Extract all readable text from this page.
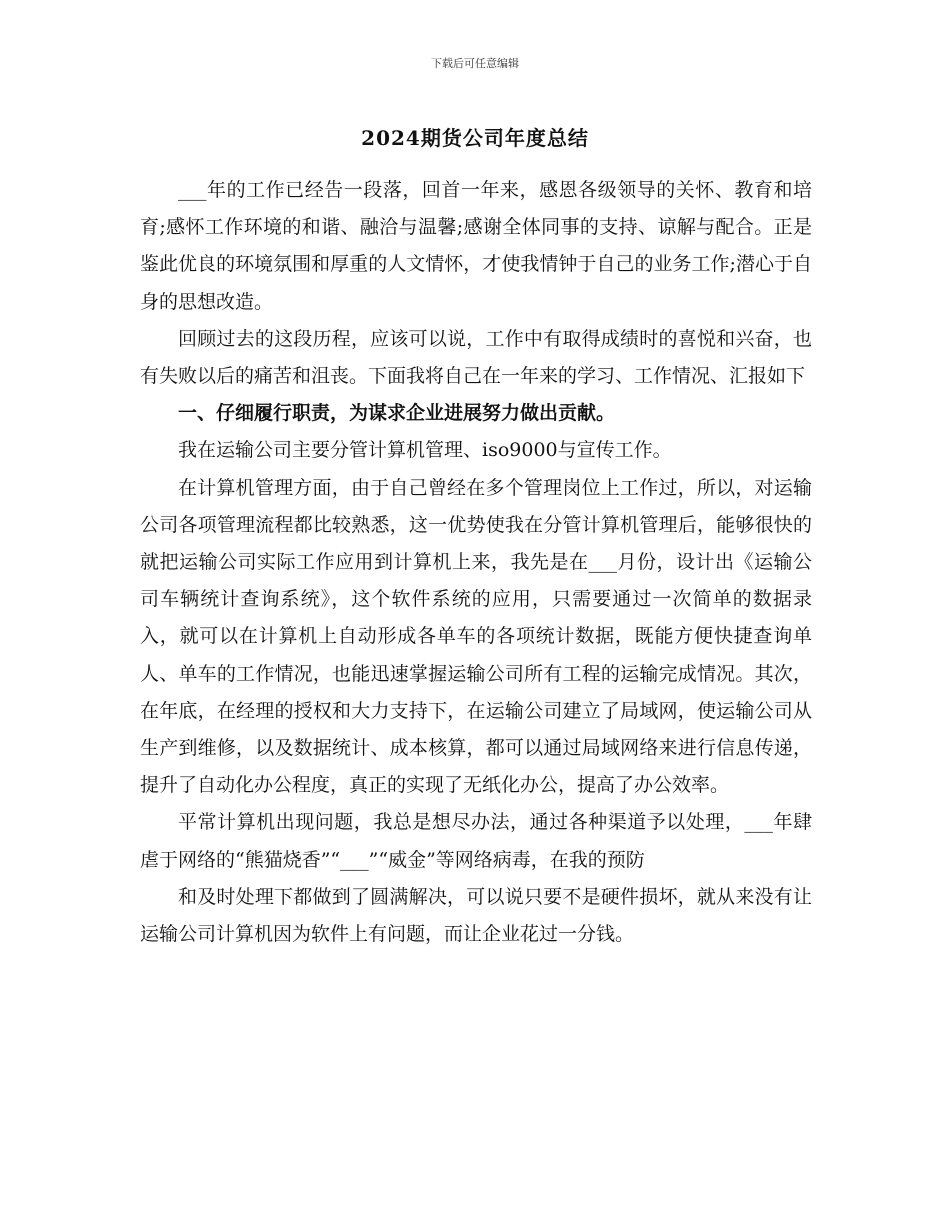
下载后可任意编辑
2024期货公司年度总结

___年的工作已经告一段落，回首一年来，感恩各级领导的关怀、教育和培育;感怀工作环境的和谐、融洽与温馨;感谢全体同事的支持、谅解与配合。正是鉴此优良的环境氛围和厚重的人文情怀，才使我情钟于自己的业务工作;潜心于自身的思想改造。

回顾过去的这段历程，应该可以说，工作中有取得成绩时的喜悦和兴奋，也有失败以后的痛苦和沮丧。下面我将自己在一年来的学习、工作情况、汇报如下

一、仔细履行职责，为谋求企业进展努力做出贡献。

我在运输公司主要分管计算机管理、iso9000与宣传工作。

在计算机管理方面，由于自己曾经在多个管理岗位上工作过，所以，对运输公司各项管理流程都比较熟悉，这一优势使我在分管计算机管理后，能够很快的就把运输公司实际工作应用到计算机上来，我先是在___月份，设计出《运输公司车辆统计查询系统》，这个软件系统的应用，只需要通过一次简单的数据录入，就可以在计算机上自动形成各单车的各项统计数据，既能方便快捷查询单人、单车的工作情况，也能迅速掌握运输公司所有工程的运输完成情况。其次，在年底，在经理的授权和大力支持下，在运输公司建立了局域网，使运输公司从生产到维修，以及数据统计、成本核算，都可以通过局域网络来进行信息传递，提升了自动化办公程度，真正的实现了无纸化办公，提高了办公效率。

平常计算机出现问题，我总是想尽办法，通过各种渠道予以处理，___年肆虐于网络的“熊猫烧香”“___”“威金”等网络病毒，在我的预防

和及时处理下都做到了圆满解决，可以说只要不是硬件损坏，就从来没有让运输公司计算机因为软件上有问题，而让企业花过一分钱。
